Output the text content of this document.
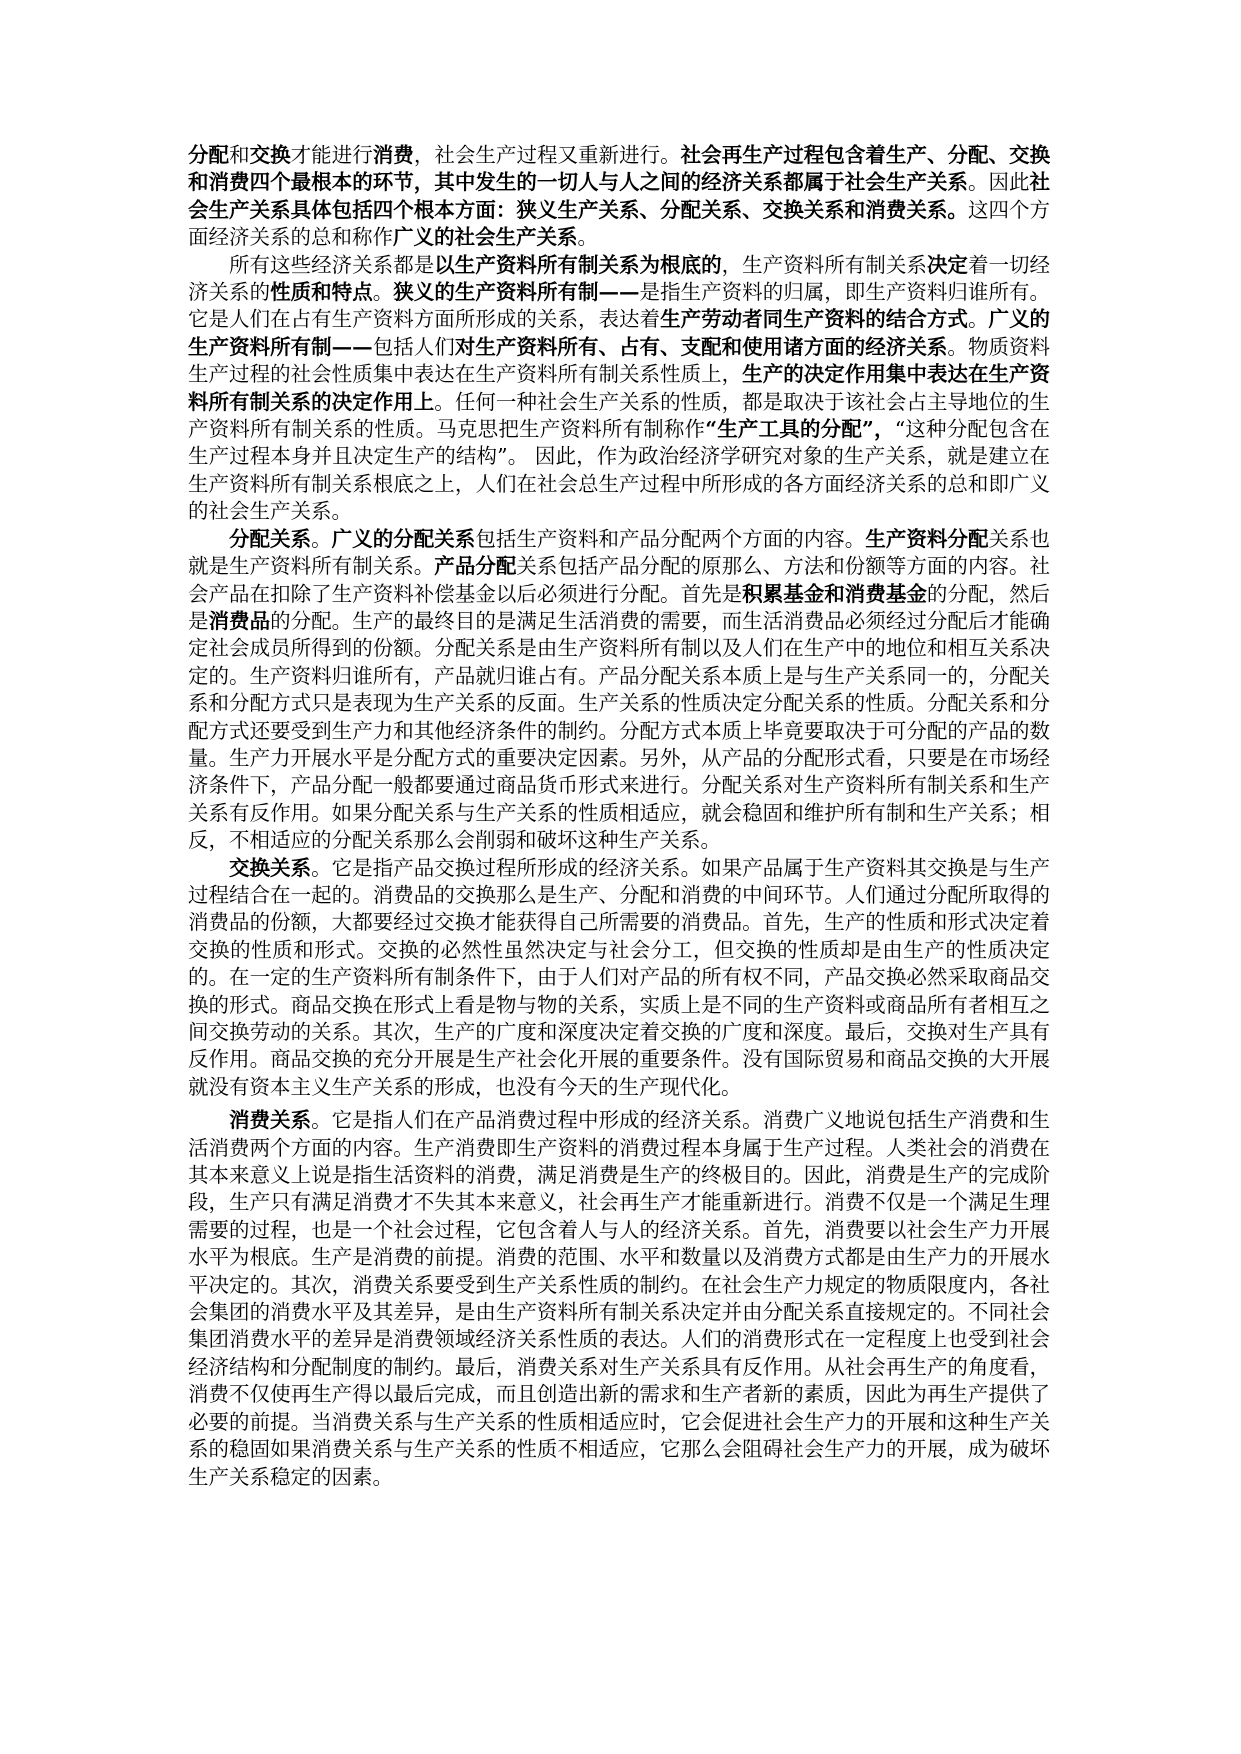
分配和交换才能进行消费，社会生产过程又重新进行。社会再生产过程包含着生产、分配、交换和消费四个最根本的环节，其中发生的一切人与人之间的经济关系都属于社会生产关系。因此社会生产关系具体包括四个根本方面：狭义生产关系、分配关系、交换关系和消费关系。这四个方面经济关系的总和称作广义的社会生产关系。

所有这些经济关系都是以生产资料所有制关系为根底的，生产资料所有制关系决定着一切经济关系的性质和特点。狭义的生产资料所有制——是指生产资料的归属，即生产资料归谁所有。它是人们在占有生产资料方面所形成的关系，表达着生产劳动者同生产资料的结合方式。广义的生产资料所有制——包括人们对生产资料所有、占有、支配和使用诸方面的经济关系。物质资料生产过程的社会性质集中表达在生产资料所有制关系性质上，生产的决定作用集中表达在生产资料所有制关系的决定作用上。任何一种社会生产关系的性质，都是取决于该社会占主导地位的生产资料所有制关系的性质。马克思把生产资料所有制称作“生产工具的分配”，“这种分配包含在生产过程本身并且决定生产的结构”。 因此，作为政治经济学研究对象的生产关系，就是建立在生产资料所有制关系根底之上，人们在社会总生产过程中所形成的各方面经济关系的总和即广义的社会生产关系。

分配关系。广义的分配关系包括生产资料和产品分配两个方面的内容。生产资料分配关系也就是生产资料所有制关系。产品分配关系包括产品分配的原那么、方法和份额等方面的内容。社会产品在扣除了生产资料补偿基金以后必须进行分配。首先是积累基金和消费基金的分配，然后是消费品的分配。生产的最终目的是满足生活消费的需要，而生活消费品必须经过分配后才能确定社会成员所得到的份额。分配关系是由生产资料所有制以及人们在生产中的地位和相互关系决定的。生产资料归谁所有，产品就归谁占有。产品分配关系本质上是与生产关系同一的，分配关系和分配方式只是表现为生产关系的反面。生产关系的性质决定分配关系的性质。分配关系和分配方式还要受到生产力和其他经济条件的制约。分配方式本质上毕竟要取决于可分配的产品的数量。生产力开展水平是分配方式的重要决定因素。另外，从产品的分配形式看，只要是在市场经济条件下，产品分配一般都要通过商品货币形式来进行。分配关系对生产资料所有制关系和生产关系有反作用。如果分配关系与生产关系的性质相适应，就会稳固和维护所有制和生产关系；相反，不相适应的分配关系那么会削弱和破坏这种生产关系。

交换关系。它是指产品交换过程所形成的经济关系。如果产品属于生产资料其交换是与生产过程结合在一起的。消费品的交换那么是生产、分配和消费的中间环节。人们通过分配所取得的消费品的份额，大都要经过交换才能获得自己所需要的消费品。首先，生产的性质和形式决定着交换的性质和形式。交换的必然性虽然决定与社会分工，但交换的性质却是由生产的性质决定的。在一定的生产资料所有制条件下，由于人们对产品的所有权不同，产品交换必然采取商品交换的形式。商品交换在形式上看是物与物的关系，实质上是不同的生产资料或商品所有者相互之间交换劳动的关系。其次，生产的广度和深度决定着交换的广度和深度。最后，交换对生产具有反作用。商品交换的充分开展是生产社会化开展的重要条件。没有国际贸易和商品交换的大开展就没有资本主义生产关系的形成，也没有今天的生产现代化。

消费关系。它是指人们在产品消费过程中形成的经济关系。消费广义地说包括生产消费和生活消费两个方面的内容。生产消费即生产资料的消费过程本身属于生产过程。人类社会的消费在其本来意义上说是指生活资料的消费，满足消费是生产的终极目的。因此，消费是生产的完成阶段，生产只有满足消费才不失其本来意义，社会再生产才能重新进行。消费不仅是一个满足生理需要的过程，也是一个社会过程，它包含着人与人的经济关系。首先，消费要以社会生产力开展水平为根底。生产是消费的前提。消费的范围、水平和数量以及消费方式都是由生产力的开展水平决定的。其次，消费关系要受到生产关系性质的制约。在社会生产力规定的物质限度内，各社会集团的消费水平及其差异，是由生产资料所有制关系决定并由分配关系直接规定的。不同社会集团消费水平的差异是消费领域经济关系性质的表达。人们的消费形式在一定程度上也受到社会经济结构和分配制度的制约。最后，消费关系对生产关系具有反作用。从社会再生产的角度看，消费不仅使再生产得以最后完成，而且创造出新的需求和生产者新的素质，因此为再生产提供了必要的前提。当消费关系与生产关系的性质相适应时，它会促进社会生产力的开展和这种生产关系的稳固如果消费关系与生产关系的性质不相适应，它那么会阻碍社会生产力的开展，成为破坏生产关系稳定的因素。
